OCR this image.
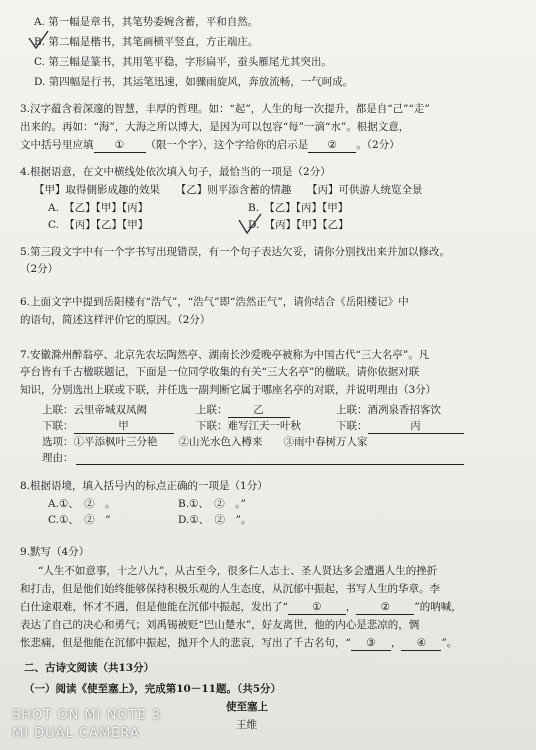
A. 第一幅是章书，其笔势委婉含蓄，平和自然。
B. 第二幅是楷书，其笔画横平竖直，方正端庄。
C. 第三幅是篆书，其用笔平稳，字形扁平，蚕头雁尾尤其突出。
D. 第四幅是行书，其运笔迅速，如骤雨旋风，奔放流畅，一气呵成。
3.汉字蕴含着深邃的智慧，丰厚的哲理。如：“起”，人生的每一次提升，都是自“己”“走”
出来的。再如：“海”，大海之所以博大，是因为可以包容“每”一滴“水”。根据文意，
文中括号里应填 ① （限一个字），这个字给你的启示是 ② 。（2分）
4.根据语意，在文中横线处依次填入句子，最恰当的一项是（2分）
【甲】取得側影成趣的效果　　【乙】则平添含蓄的情趣　　【丙】可供游人统览全景
A.　【乙】【甲】【丙】	B.　【乙】【丙】【甲】
C.　【丙】【乙】【甲】	D.　【丙】【甲】【乙】
5.第三段文字中有一个字书写出现错误，有一个句子表达欠妥，请你分别找出来并加以修改。
（2分）
6.上面文字中提到岳阳楼有“浩气”，“浩气”即“浩然正气”，请你结合《岳阳楼记》中
的语句，简述这样评价它的原因。（2分）
7.安徽滁州醉翁亭、北京先农坛陶然亭、湖南长沙爱晚亭被称为中国古代“三大名亭”。凡
亭台皆有千古楹联题记，下面是一位同学收集的有关“三大名亭”的楹联。请你依据对联
知识，分别选出上联或下联，并任选一副判断它属于哪座名亭的对联，并说明理由（3分）
上联：云里帝城双凤阙	上联： 乙	上联：酒冽泉香招客饮
下联：	甲	下联：难写江天一叶秋	下联：	丙
选项：①平添枫叶三分艳　　 ②山光水色入樽来　　 ③雨中春树万人家
理由：
8.根据语境，填入括号内的标点正确的一项是（1分）
A.①、　②　。	B.①、　②　。”
C.①、　②　”	D.①、　②　”。
9.默写（4分）
“人生不如意事，十之八九”，从古至今，很多仁人志士、圣人贤达多会遭遇人生的挫折
和打击，但是他们始终能够保持积极乐观的人生态度，从沉郁中振起，书写人生的华章。李
白仕途艰难，怀才不遇，但是他能在沉郁中振起，发出了“ ① ， ② ”的呐喊，
表达了自己的决心和勇气；刘禹锡被贬“巴山楚水”，好友离世，他的内心是悲凉的，惆
怅悲痛，但是他能在沉郁中振起，抛开个人的悲哀，写出了千古名句，“ ③ ， ④ ”。
二、古诗文阅读（共13分）
（一）阅读《使至塞上》，完成第10－11题。（共5分）
使至塞上
王维
SHOT ON MI NOTE 3
MI DUAL CAMERA
